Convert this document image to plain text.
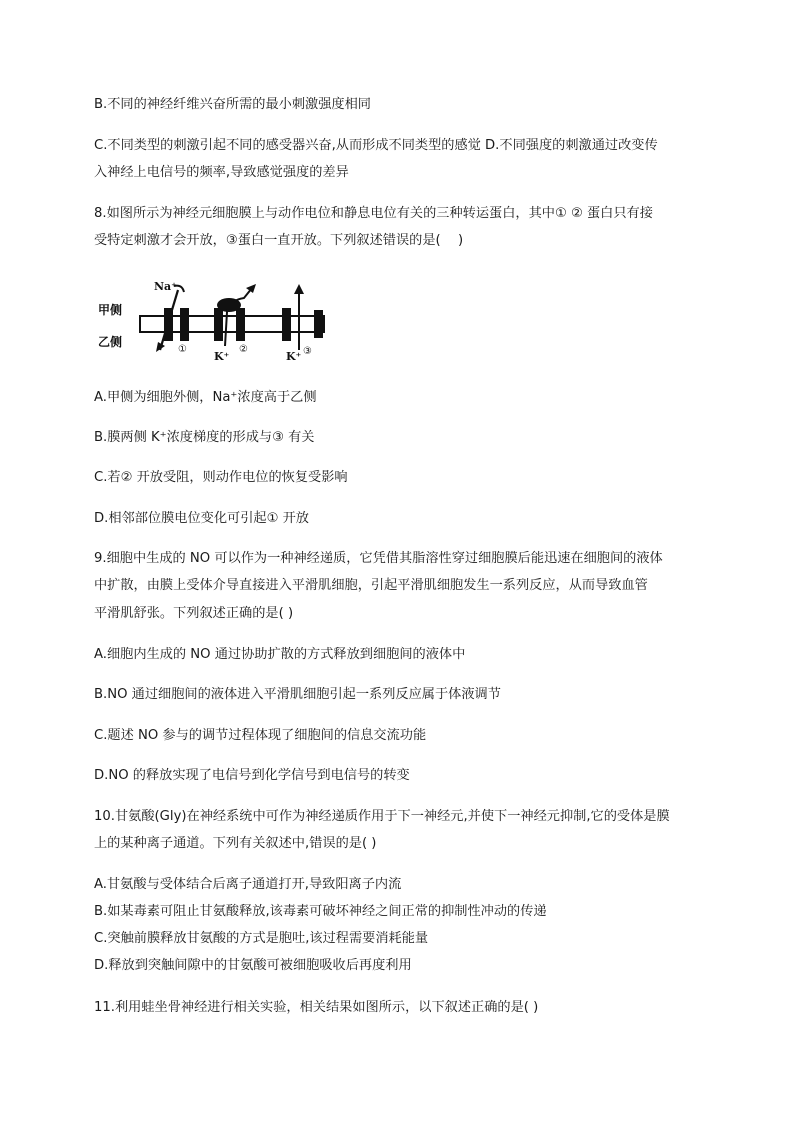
B.不同的神经纤维兴奋所需的最小刺激强度相同
C.不同类型的刺激引起不同的感受器兴奋,从而形成不同类型的感觉 D.不同强度的刺激通过改变传
入神经上电信号的频率,导致感觉强度的差异
8.如图所示为神经元细胞膜上与动作电位和静息电位有关的三种转运蛋白，其中① ② 蛋白只有接
受特定刺激才会开放，③蛋白一直开放。下列叙述错误的是(　 )
甲侧
乙侧
Na⁺
①
K⁺
②
K⁺ ③
A.甲侧为细胞外侧，Na⁺浓度高于乙侧
B.膜两侧 K⁺浓度梯度的形成与③ 有关
C.若② 开放受阻，则动作电位的恢复受影响
D.相邻部位膜电位变化可引起① 开放
9.细胞中生成的 NO 可以作为一种神经递质，它凭借其脂溶性穿过细胞膜后能迅速在细胞间的液体
中扩散，由膜上受体介导直接进入平滑肌细胞，引起平滑肌细胞发生一系列反应，从而导致血管
平滑肌舒张。下列叙述正确的是( )
A.细胞内生成的 NO 通过协助扩散的方式释放到细胞间的液体中
B.NO 通过细胞间的液体进入平滑肌细胞引起一系列反应属于体液调节
C.题述 NO 参与的调节过程体现了细胞间的信息交流功能
D.NO 的释放实现了电信号到化学信号到电信号的转变
10.甘氨酸(Gly)在神经系统中可作为神经递质作用于下一神经元,并使下一神经元抑制,它的受体是膜
上的某种离子通道。下列有关叙述中,错误的是( )
A.甘氨酸与受体结合后离子通道打开,导致阳离子内流
B.如某毒素可阻止甘氨酸释放,该毒素可破坏神经之间正常的抑制性冲动的传递
C.突触前膜释放甘氨酸的方式是胞吐,该过程需要消耗能量
D.释放到突触间隙中的甘氨酸可被细胞吸收后再度利用
11.利用蛙坐骨神经进行相关实验，相关结果如图所示，以下叙述正确的是( )
